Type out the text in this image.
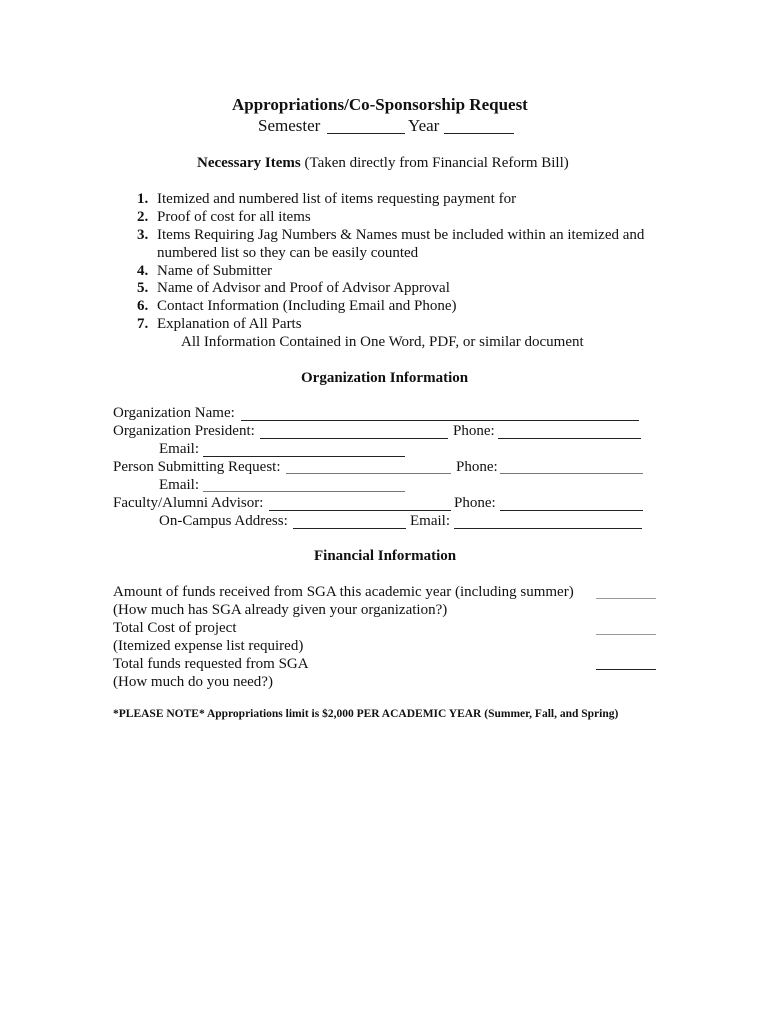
Appropriations/Co-Sponsorship Request
Semester	Year
Necessary Items (Taken directly from Financial Reform Bill)
1. Itemized and numbered list of items requesting payment for
2. Proof of cost for all items
3. Items Requiring Jag Numbers & Names must be included within an itemized and
numbered list so they can be easily counted
4. Name of Submitter
5. Name of Advisor and Proof of Advisor Approval
6. Contact Information (Including Email and Phone)
7. Explanation of All Parts
All Information Contained in One Word, PDF, or similar document
Organization Information
Organization Name:
Organization President:	Phone:
Email:
Person Submitting Request:	Phone:
Email:
Faculty/Alumni Advisor:	Phone:
On-Campus Address:	Email:
Financial Information
Amount of funds received from SGA this academic year (including summer)
(How much has SGA already given your organization?)
Total Cost of project
(Itemized expense list required)
Total funds requested from SGA
(How much do you need?)
*PLEASE NOTE* Appropriations limit is $2,000 PER ACADEMIC YEAR (Summer, Fall, and Spring)
